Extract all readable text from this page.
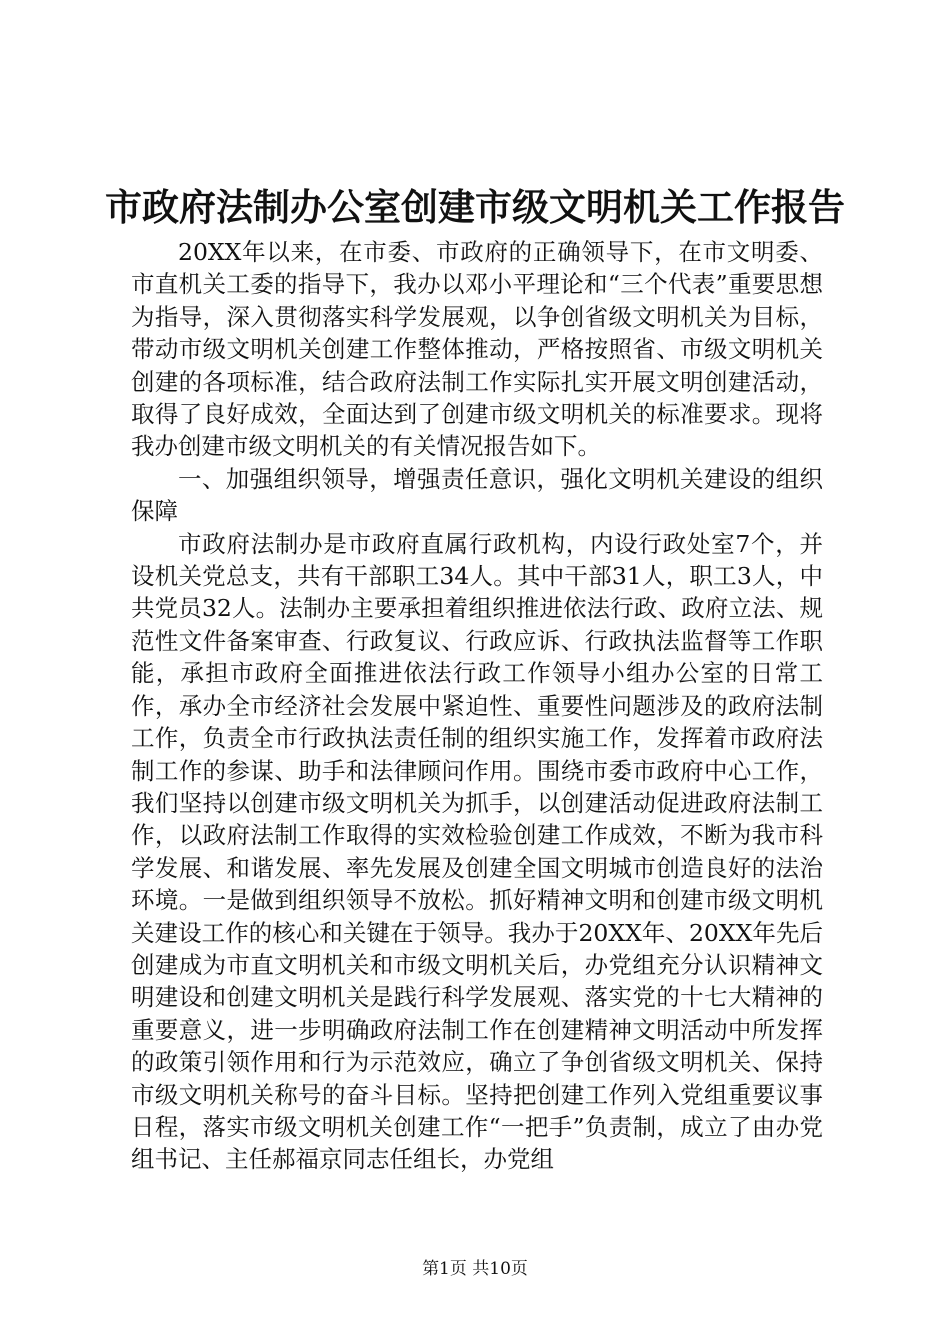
市政府法制办公室创建市级文明机关工作报告

20XX年以来，在市委、市政府的正确领导下，在市文明委、市直机关工委的指导下，我办以邓小平理论和“三个代表”重要思想为指导，深入贯彻落实科学发展观，以争创省级文明机关为目标，带动市级文明机关创建工作整体推动，严格按照省、市级文明机关创建的各项标准，结合政府法制工作实际扎实开展文明创建活动，取得了良好成效，全面达到了创建市级文明机关的标准要求。现将我办创建市级文明机关的有关情况报告如下。

一、加强组织领导，增强责任意识，强化文明机关建设的组织保障

市政府法制办是市政府直属行政机构，内设行政处室7个，并设机关党总支，共有干部职工34人。其中干部31人，职工3人，中共党员32人。法制办主要承担着组织推进依法行政、政府立法、规范性文件备案审查、行政复议、行政应诉、行政执法监督等工作职能，承担市政府全面推进依法行政工作领导小组办公室的日常工作，承办全市经济社会发展中紧迫性、重要性问题涉及的政府法制工作，负责全市行政执法责任制的组织实施工作，发挥着市政府法制工作的参谋、助手和法律顾问作用。围绕市委市政府中心工作，我们坚持以创建市级文明机关为抓手，以创建活动促进政府法制工作，以政府法制工作取得的实效检验创建工作成效，不断为我市科学发展、和谐发展、率先发展及创建全国文明城市创造良好的法治环境。一是做到组织领导不放松。抓好精神文明和创建市级文明机关建设工作的核心和关键在于领导。我办于20XX年、20XX年先后创建成为市直文明机关和市级文明机关后，办党组充分认识精神文明建设和创建文明机关是践行科学发展观、落实党的十七大精神的重要意义，进一步明确政府法制工作在创建精神文明活动中所发挥的政策引领作用和行为示范效应，确立了争创省级文明机关、保持市级文明机关称号的奋斗目标。坚持把创建工作列入党组重要议事日程，落实市级文明机关创建工作“一把手”负责制，成立了由办党组书记、主任郝福京同志任组长，办党组

第1页 共10页
